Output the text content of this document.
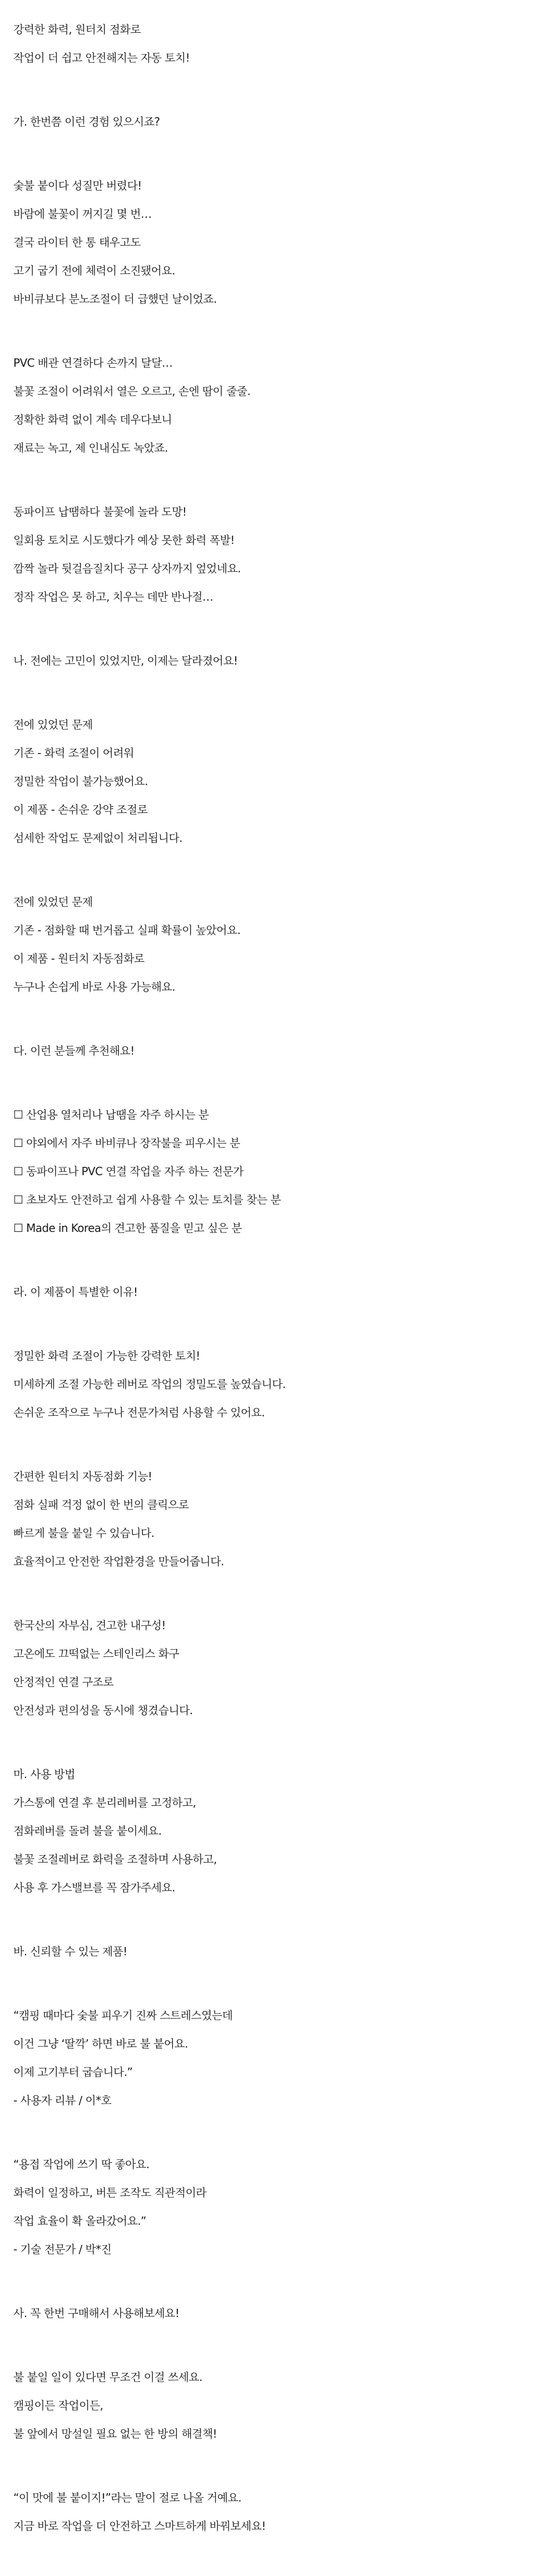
강력한 화력, 원터치 점화로
작업이 더 쉽고 안전해지는 자동 토치!
가. 한번쯤 이런 경험 있으시죠?
숯불 붙이다 성질만 버렸다!
바람에 불꽃이 꺼지길 몇 번…
결국 라이터 한 통 태우고도
고기 굽기 전에 체력이 소진됐어요.
바비큐보다 분노조절이 더 급했던 날이었죠.
PVC 배관 연결하다 손까지 달달…
불꽃 조절이 어려워서 열은 오르고, 손엔 땀이 줄줄.
정확한 화력 없이 계속 데우다보니
재료는 녹고, 제 인내심도 녹았죠.
동파이프 납땜하다 불꽃에 놀라 도망!
일회용 토치로 시도했다가 예상 못한 화력 폭발!
깜짝 놀라 뒷걸음질치다 공구 상자까지 엎었네요.
정작 작업은 못 하고, 치우는 데만 반나절…
나. 전에는 고민이 있었지만, 이제는 달라졌어요!
전에 있었던 문제
기존 - 화력 조절이 어려워
정밀한 작업이 불가능했어요.
이 제품 - 손쉬운 강약 조절로
섬세한 작업도 문제없이 처리됩니다.
전에 있었던 문제
기존 - 점화할 때 번거롭고 실패 확률이 높았어요.
이 제품 - 원터치 자동점화로
누구나 손쉽게 바로 사용 가능해요.
다. 이런 분들께 추천해요!
☐ 산업용 열처리나 납땜을 자주 하시는 분
☐ 야외에서 자주 바비큐나 장작불을 피우시는 분
☐ 동파이프나 PVC 연결 작업을 자주 하는 전문가
☐ 초보자도 안전하고 쉽게 사용할 수 있는 토치를 찾는 분
☐ Made in Korea의 견고한 품질을 믿고 싶은 분
라. 이 제품이 특별한 이유!
정밀한 화력 조절이 가능한 강력한 토치!
미세하게 조절 가능한 레버로 작업의 정밀도를 높였습니다.
손쉬운 조작으로 누구나 전문가처럼 사용할 수 있어요.
간편한 원터치 자동점화 기능!
점화 실패 걱정 없이 한 번의 클릭으로
빠르게 불을 붙일 수 있습니다.
효율적이고 안전한 작업환경을 만들어줍니다.
한국산의 자부심, 견고한 내구성!
고온에도 끄떡없는 스테인리스 화구
안정적인 연결 구조로
안전성과 편의성을 동시에 챙겼습니다.
마. 사용 방법
가스통에 연결 후 분리레버를 고정하고,
점화레버를 돌려 불을 붙이세요.
불꽃 조절레버로 화력을 조절하며 사용하고,
사용 후 가스밸브를 꼭 잠가주세요.
바. 신뢰할 수 있는 제품!
“캠핑 때마다 숯불 피우기 진짜 스트레스였는데
이건 그냥 ‘딸깍’ 하면 바로 불 붙어요.
이제 고기부터 굽습니다.”
- 사용자 리뷰 / 이*호
“용접 작업에 쓰기 딱 좋아요.
화력이 일정하고, 버튼 조작도 직관적이라
작업 효율이 확 올라갔어요.”
- 기술 전문가 / 박*진
사. 꼭 한번 구매해서 사용해보세요!
불 붙일 일이 있다면 무조건 이걸 쓰세요.
캠핑이든 작업이든,
불 앞에서 망설일 필요 없는 한 방의 해결책!
“이 맛에 불 붙이지!”라는 말이 절로 나올 거예요.
지금 바로 작업을 더 안전하고 스마트하게 바꿔보세요!
